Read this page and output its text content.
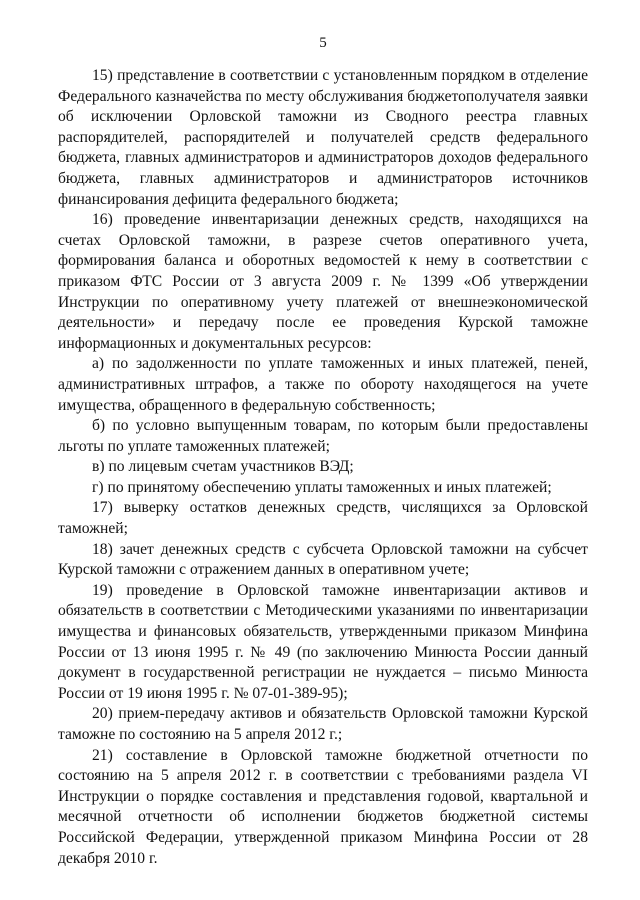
5

15) представление в соответствии с установленным порядком в отделение Федерального казначейства по месту обслуживания бюджетополучателя заявки об исключении Орловской таможни из Сводного реестра главных распорядителей, распорядителей и получателей средств федерального бюджета, главных администраторов и администраторов доходов федерального бюджета, главных администраторов и администраторов источников финансирования дефицита федерального бюджета;

16) проведение инвентаризации денежных средств, находящихся на счетах Орловской таможни, в разрезе счетов оперативного учета, формирования баланса и оборотных ведомостей к нему в соответствии с приказом ФТС России от 3 августа 2009 г. № 1399 «Об утверждении Инструкции по оперативному учету платежей от внешнеэкономической деятельности» и передачу после ее проведения Курской таможне информационных и документальных ресурсов:

а) по задолженности по уплате таможенных и иных платежей, пеней, административных штрафов, а также по обороту находящегося на учете имущества, обращенного в федеральную собственность;

б) по условно выпущенным товарам, по которым были предоставлены льготы по уплате таможенных платежей;

в) по лицевым счетам участников ВЭД;

г) по принятому обеспечению уплаты таможенных и иных платежей;

17) выверку остатков денежных средств, числящихся за Орловской таможней;

18) зачет денежных средств с субсчета Орловской таможни на субсчет Курской таможни с отражением данных в оперативном учете;

19) проведение в Орловской таможне инвентаризации активов и обязательств в соответствии с Методическими указаниями по инвентаризации имущества и финансовых обязательств, утвержденными приказом Минфина России от 13 июня 1995 г. № 49 (по заключению Минюста России данный документ в государственной регистрации не нуждается – письмо Минюста России от 19 июня 1995 г. № 07-01-389-95);

20) прием-передачу активов и обязательств Орловской таможни Курской таможне по состоянию на 5 апреля 2012 г.;

21) составление в Орловской таможне бюджетной отчетности по состоянию на 5 апреля 2012 г. в соответствии с требованиями раздела VI Инструкции о порядке составления и представления годовой, квартальной и месячной отчетности об исполнении бюджетов бюджетной системы Российской Федерации, утвержденной приказом Минфина России от 28 декабря 2010 г.
